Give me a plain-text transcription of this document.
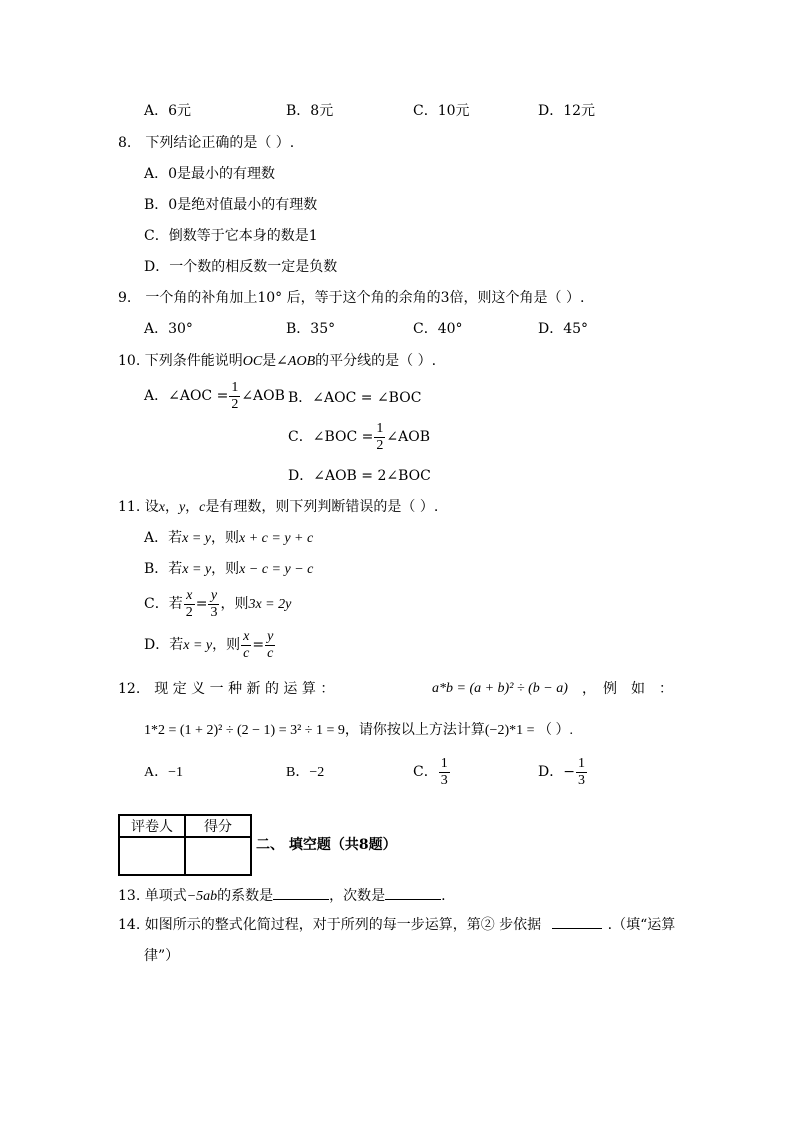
A．6元	B．8元	C．10元	D．12元
8.　下列结论正确的是（ ）.
A．0是最小的有理数
B．0是绝对值最小的有理数
C．倒数等于它本身的数是1
D．一个数的相反数一定是负数
9.　一个角的补角加上10° 后，等于这个角的余角的3倍，则这个角是（ ）.
A．30°	B．35°	C．40°	D．45°
10. 下列条件能说明OC是∠AOB的平分线的是（ ）.
A．∠AOC = $\frac{1}{2}$ ∠AOB B．∠AOC = ∠BOC
C．∠BOC = $\frac{1}{2}$ ∠AOB
D．∠AOB = 2∠BOC
11. 设x，y，c是有理数，则下列判断错误的是（ ）.
A．若x = y，则x + c = y + c
B．若x = y，则x − c = y − c
C．若 $\frac{x}{2} = \frac{y}{3}$ ，则3x = 2y
D．若x = y，则 $\frac{x}{c} = \frac{y}{c}$
12.　现 定 义 一 种 新 的 运 算 ：	a*b = (a + b)² ÷ (b − a) ，　例　如　：
1*2 = (1 + 2)² ÷ (2 − 1) = 3² ÷ 1 = 9，请你按以上方法计算(−2)*1 = （ ）.
A．−1	B．−2	C． $\frac{1}{3}$	D．− $\frac{1}{3}$
评卷人	得分

二、 填空题（共8题）
13. 单项式−5ab的系数是	，次数是	.
14. 如图所示的整式化简过程，对于所列的每一步运算，第② 步依据	.（填“运算
律”）
